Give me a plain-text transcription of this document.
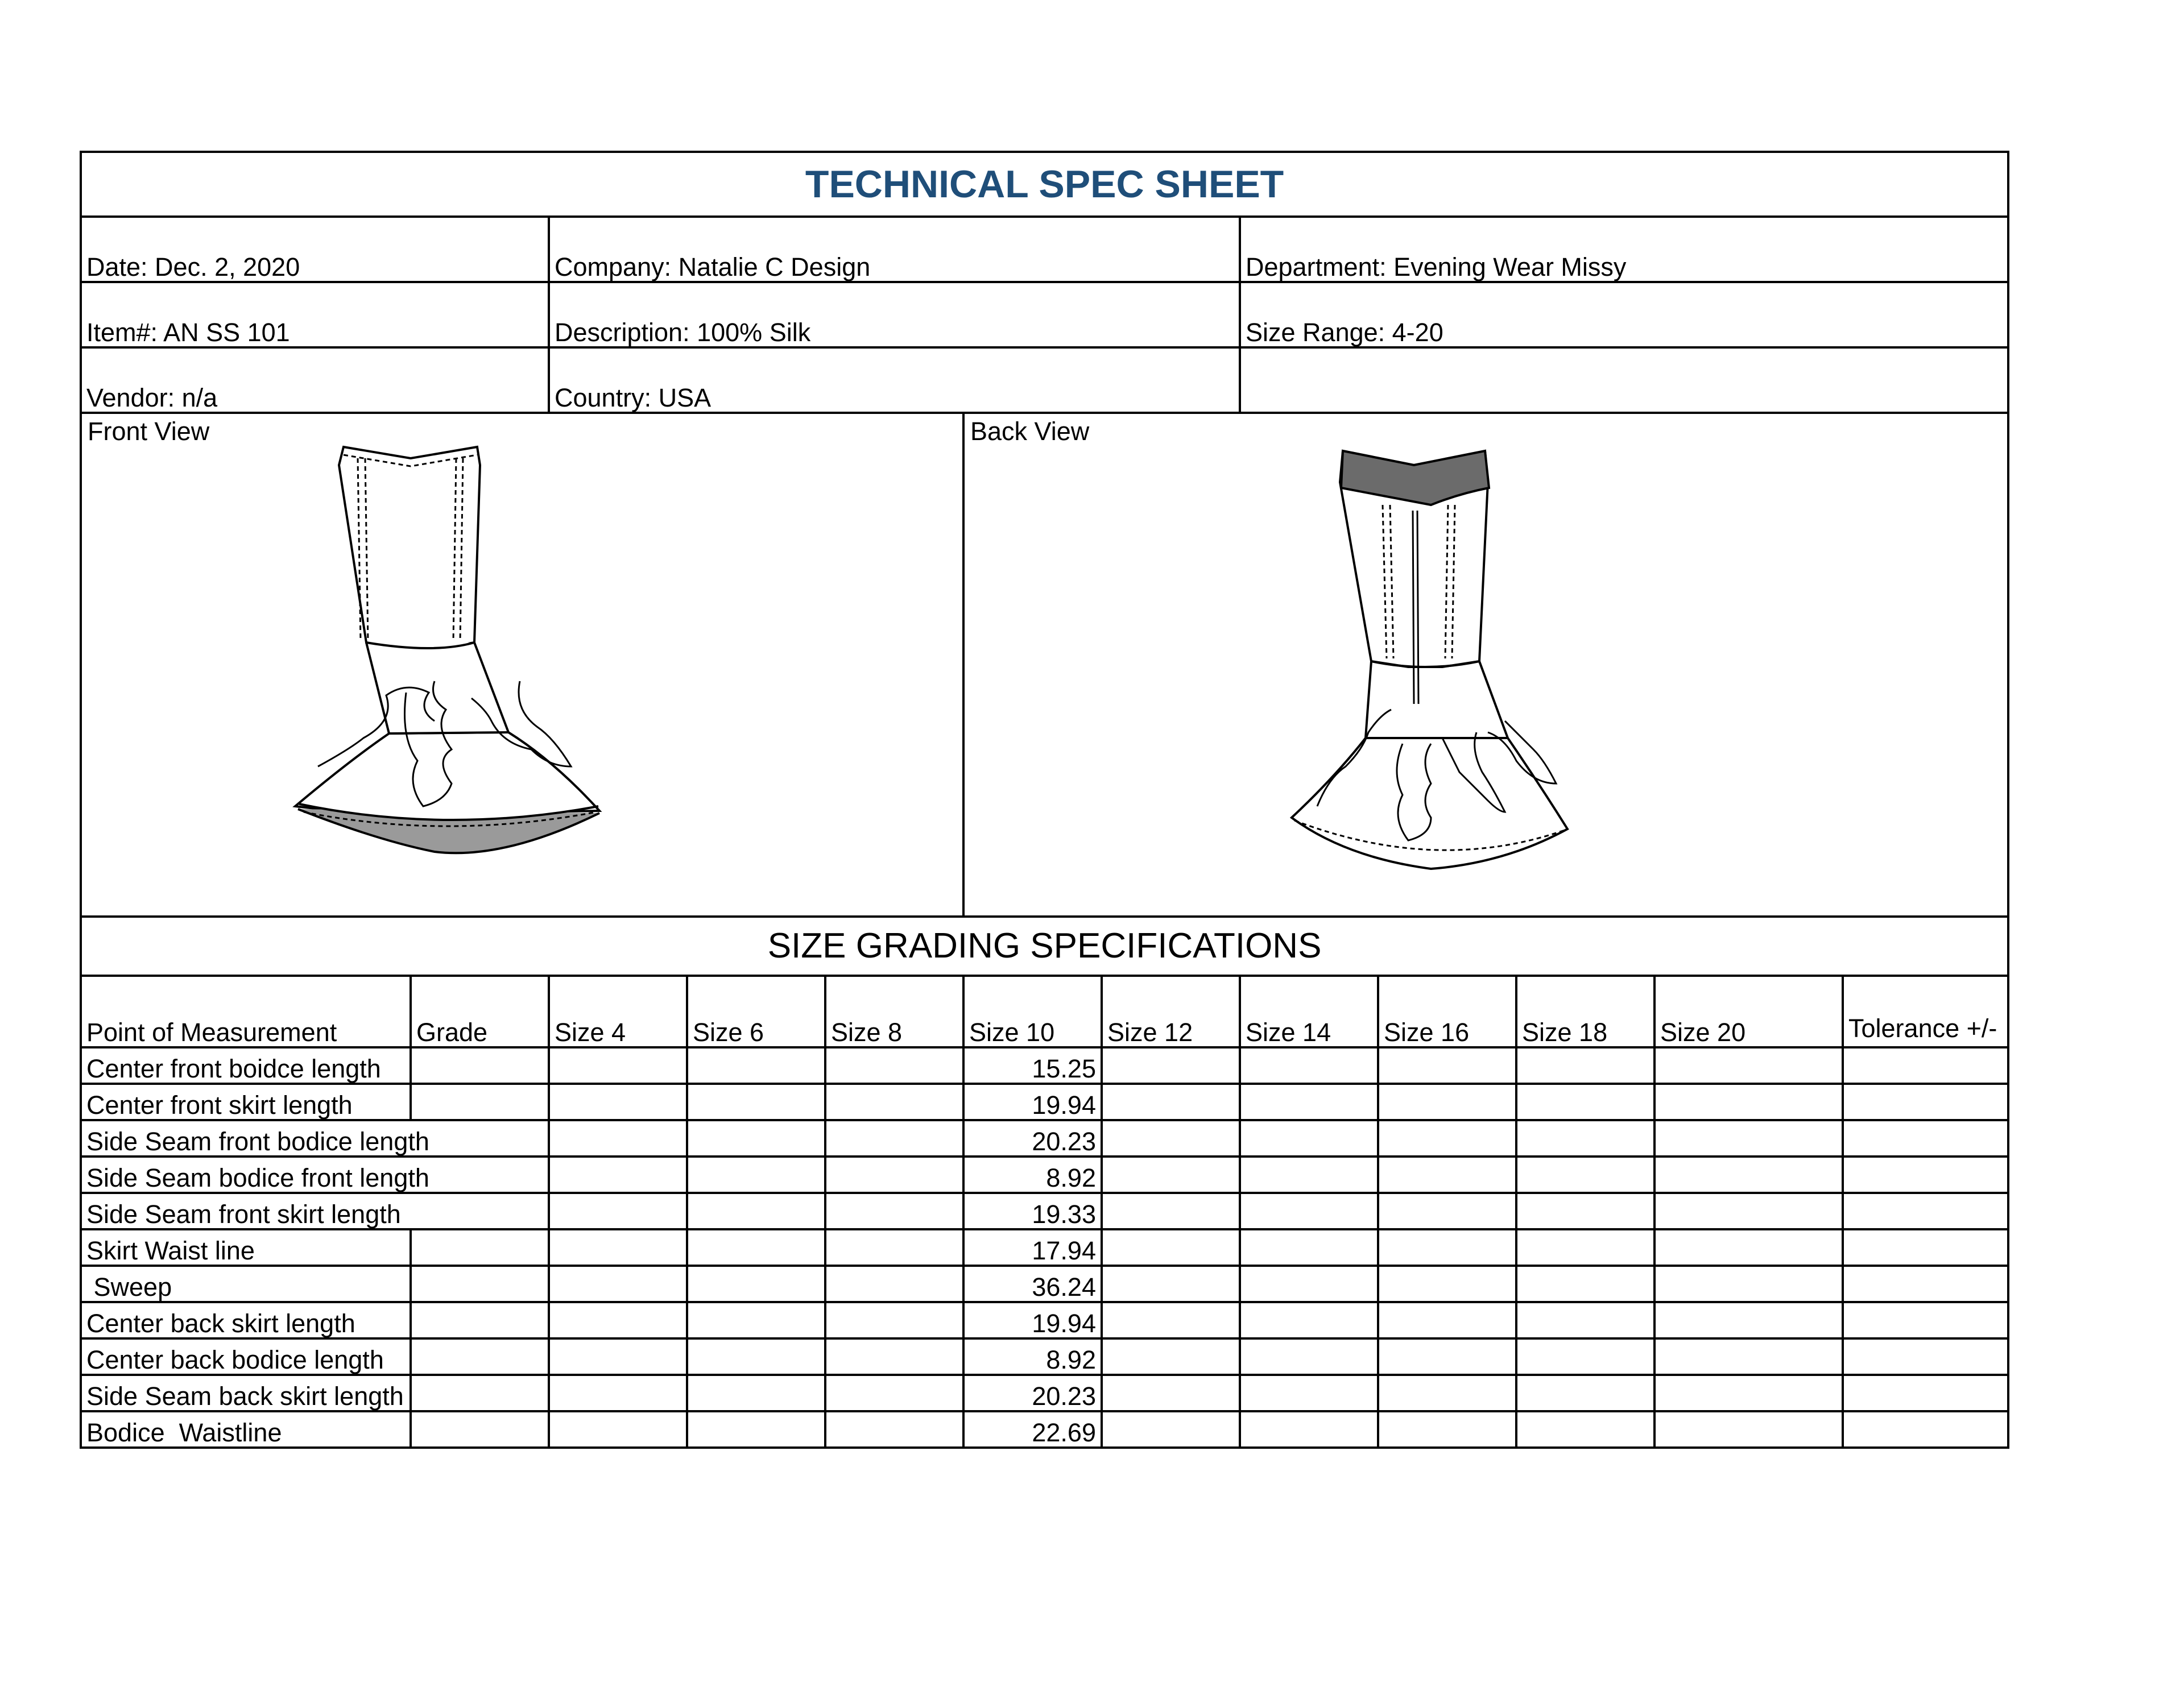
TECHNICAL SPEC SHEET											
Date: Dec. 2, 2020		Company: Natalie C Design					Department: Evening Wear Missy				
Item#: AN SS 101		Description: 100% Silk					Size Range: 4-20				
Vendor: n/a		Country: USA									

Front View					Back View						

SIZE GRADING SPECIFICATIONS											
Point of Measurement	Grade	Size 4	Size 6	Size 8	Size 10	Size 12	Size 14	Size 16	Size 18	Size 20	Tolerance +/-
Center front boidce length					15.25						
Center front skirt length					19.94						
Side Seam front bodice length					20.23						
Side Seam bodice front length					8.92						
Side Seam front skirt length					19.33						
Skirt Waist line					17.94						
Sweep					36.24						
Center back skirt length					19.94						
Center back bodice length					8.92						
Side Seam back skirt length					20.23						
Bodice  Waistline					22.69						
